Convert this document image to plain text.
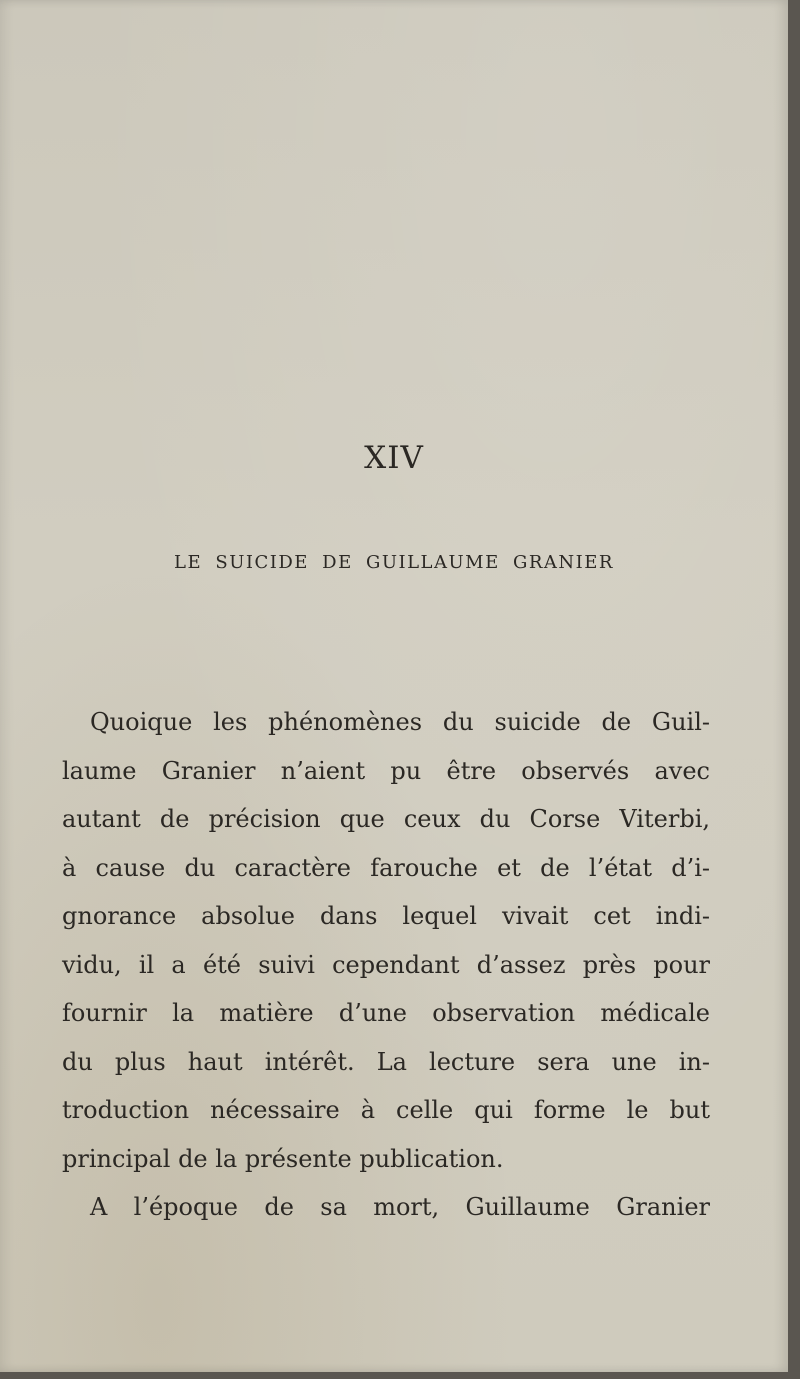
XIV
LE SUICIDE DE GUILLAUME GRANIER
Quoique les phénomènes du suicide de Guil-
laume Granier n’aient pu être observés avec
autant de précision que ceux du Corse Viterbi,
à cause du caractère farouche et de l’état d’i-
gnorance absolue dans lequel vivait cet indi-
vidu, il a été suivi cependant d’assez près pour
fournir la matière d’une observation médicale
du plus haut intérêt. La lecture sera une in-
troduction nécessaire à celle qui forme le but
principal de la présente publication.
A l’époque de sa mort, Guillaume Granier
